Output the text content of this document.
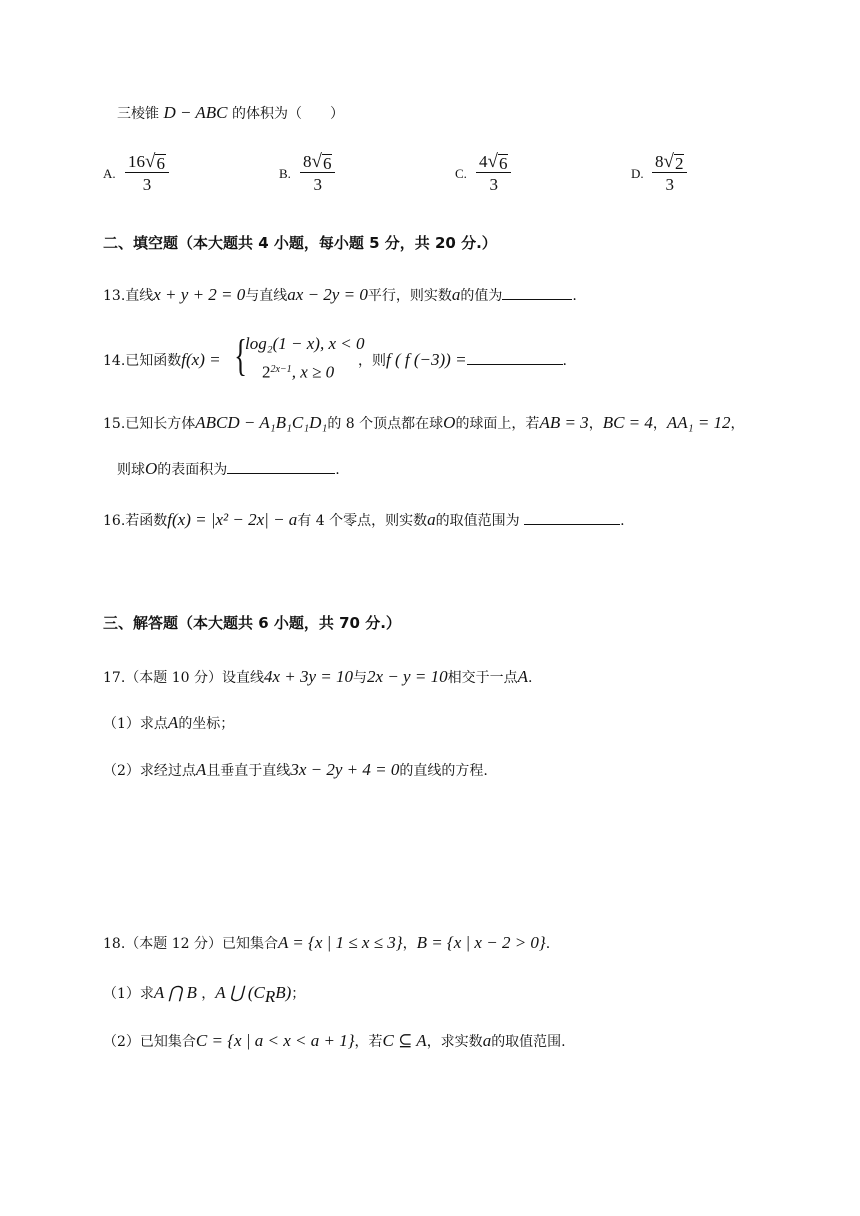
三棱锥 D − ABC 的体积为（　　）
A. $\frac{16 √ 6}{3}$	B. $\frac{8 √ 6}{3}$	C. $\frac{4 √ 6}{3}$	D. $\frac{8 √ 2}{3}$
二、填空题（本大题共 4 小题，每小题 5 分，共 20 分.）
13.直线x + y + 2 = 0与直线ax − 2y = 0平行，则实数a的值为	.
14.已知函数f(x) = {
log₂(1 − x), x < 0
$2^{2x-1}$, x ≥ 0
，则f ( f (−3)) =	.
15.已知长方体ABCD − A₁B₁C₁D₁的 8 个顶点都在球O的球面上，若AB = 3，BC = 4，AA₁ = 12，
则球O的表面积为	.
16.若函数f(x) = |x² − 2x| − a有 4 个零点，则实数a的取值范围为	.
三、解答题（本大题共 6 小题，共 70 分.）
17.（本题 10 分）设直线4x + 3y = 10与2x − y = 10相交于一点A.
（1）求点A的坐标；
（2）求经过点A且垂直于直线3x − 2y + 4 = 0的直线的方程.
18.（本题 12 分）已知集合A = {x | 1 ≤ x ≤ 3}，B = {x | x − 2 > 0}.
（1）求A ⋂ B ，A ⋃ $(C_RB)$；
（2）已知集合C = {x | a < x < a + 1}，若C ⊆ A，求实数a的取值范围.
